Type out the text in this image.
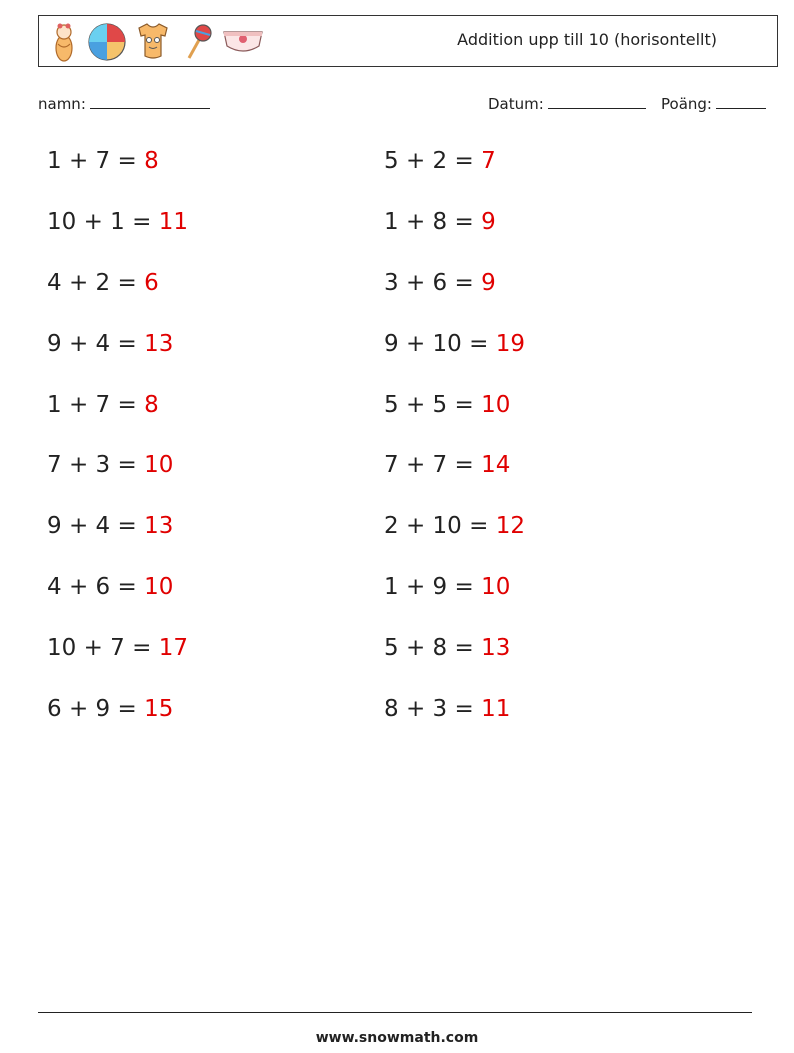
Addition upp till 10 (horisontellt)
namn:	Datum:	Poäng:
1 + 7 = 8
10 + 1 = 11
4 + 2 = 6
9 + 4 = 13
1 + 7 = 8
7 + 3 = 10
9 + 4 = 13
4 + 6 = 10
10 + 7 = 17
6 + 9 = 15
5 + 2 = 7
1 + 8 = 9
3 + 6 = 9
9 + 10 = 19
5 + 5 = 10
7 + 7 = 14
2 + 10 = 12
1 + 9 = 10
5 + 8 = 13
8 + 3 = 11
www.snowmath.com
